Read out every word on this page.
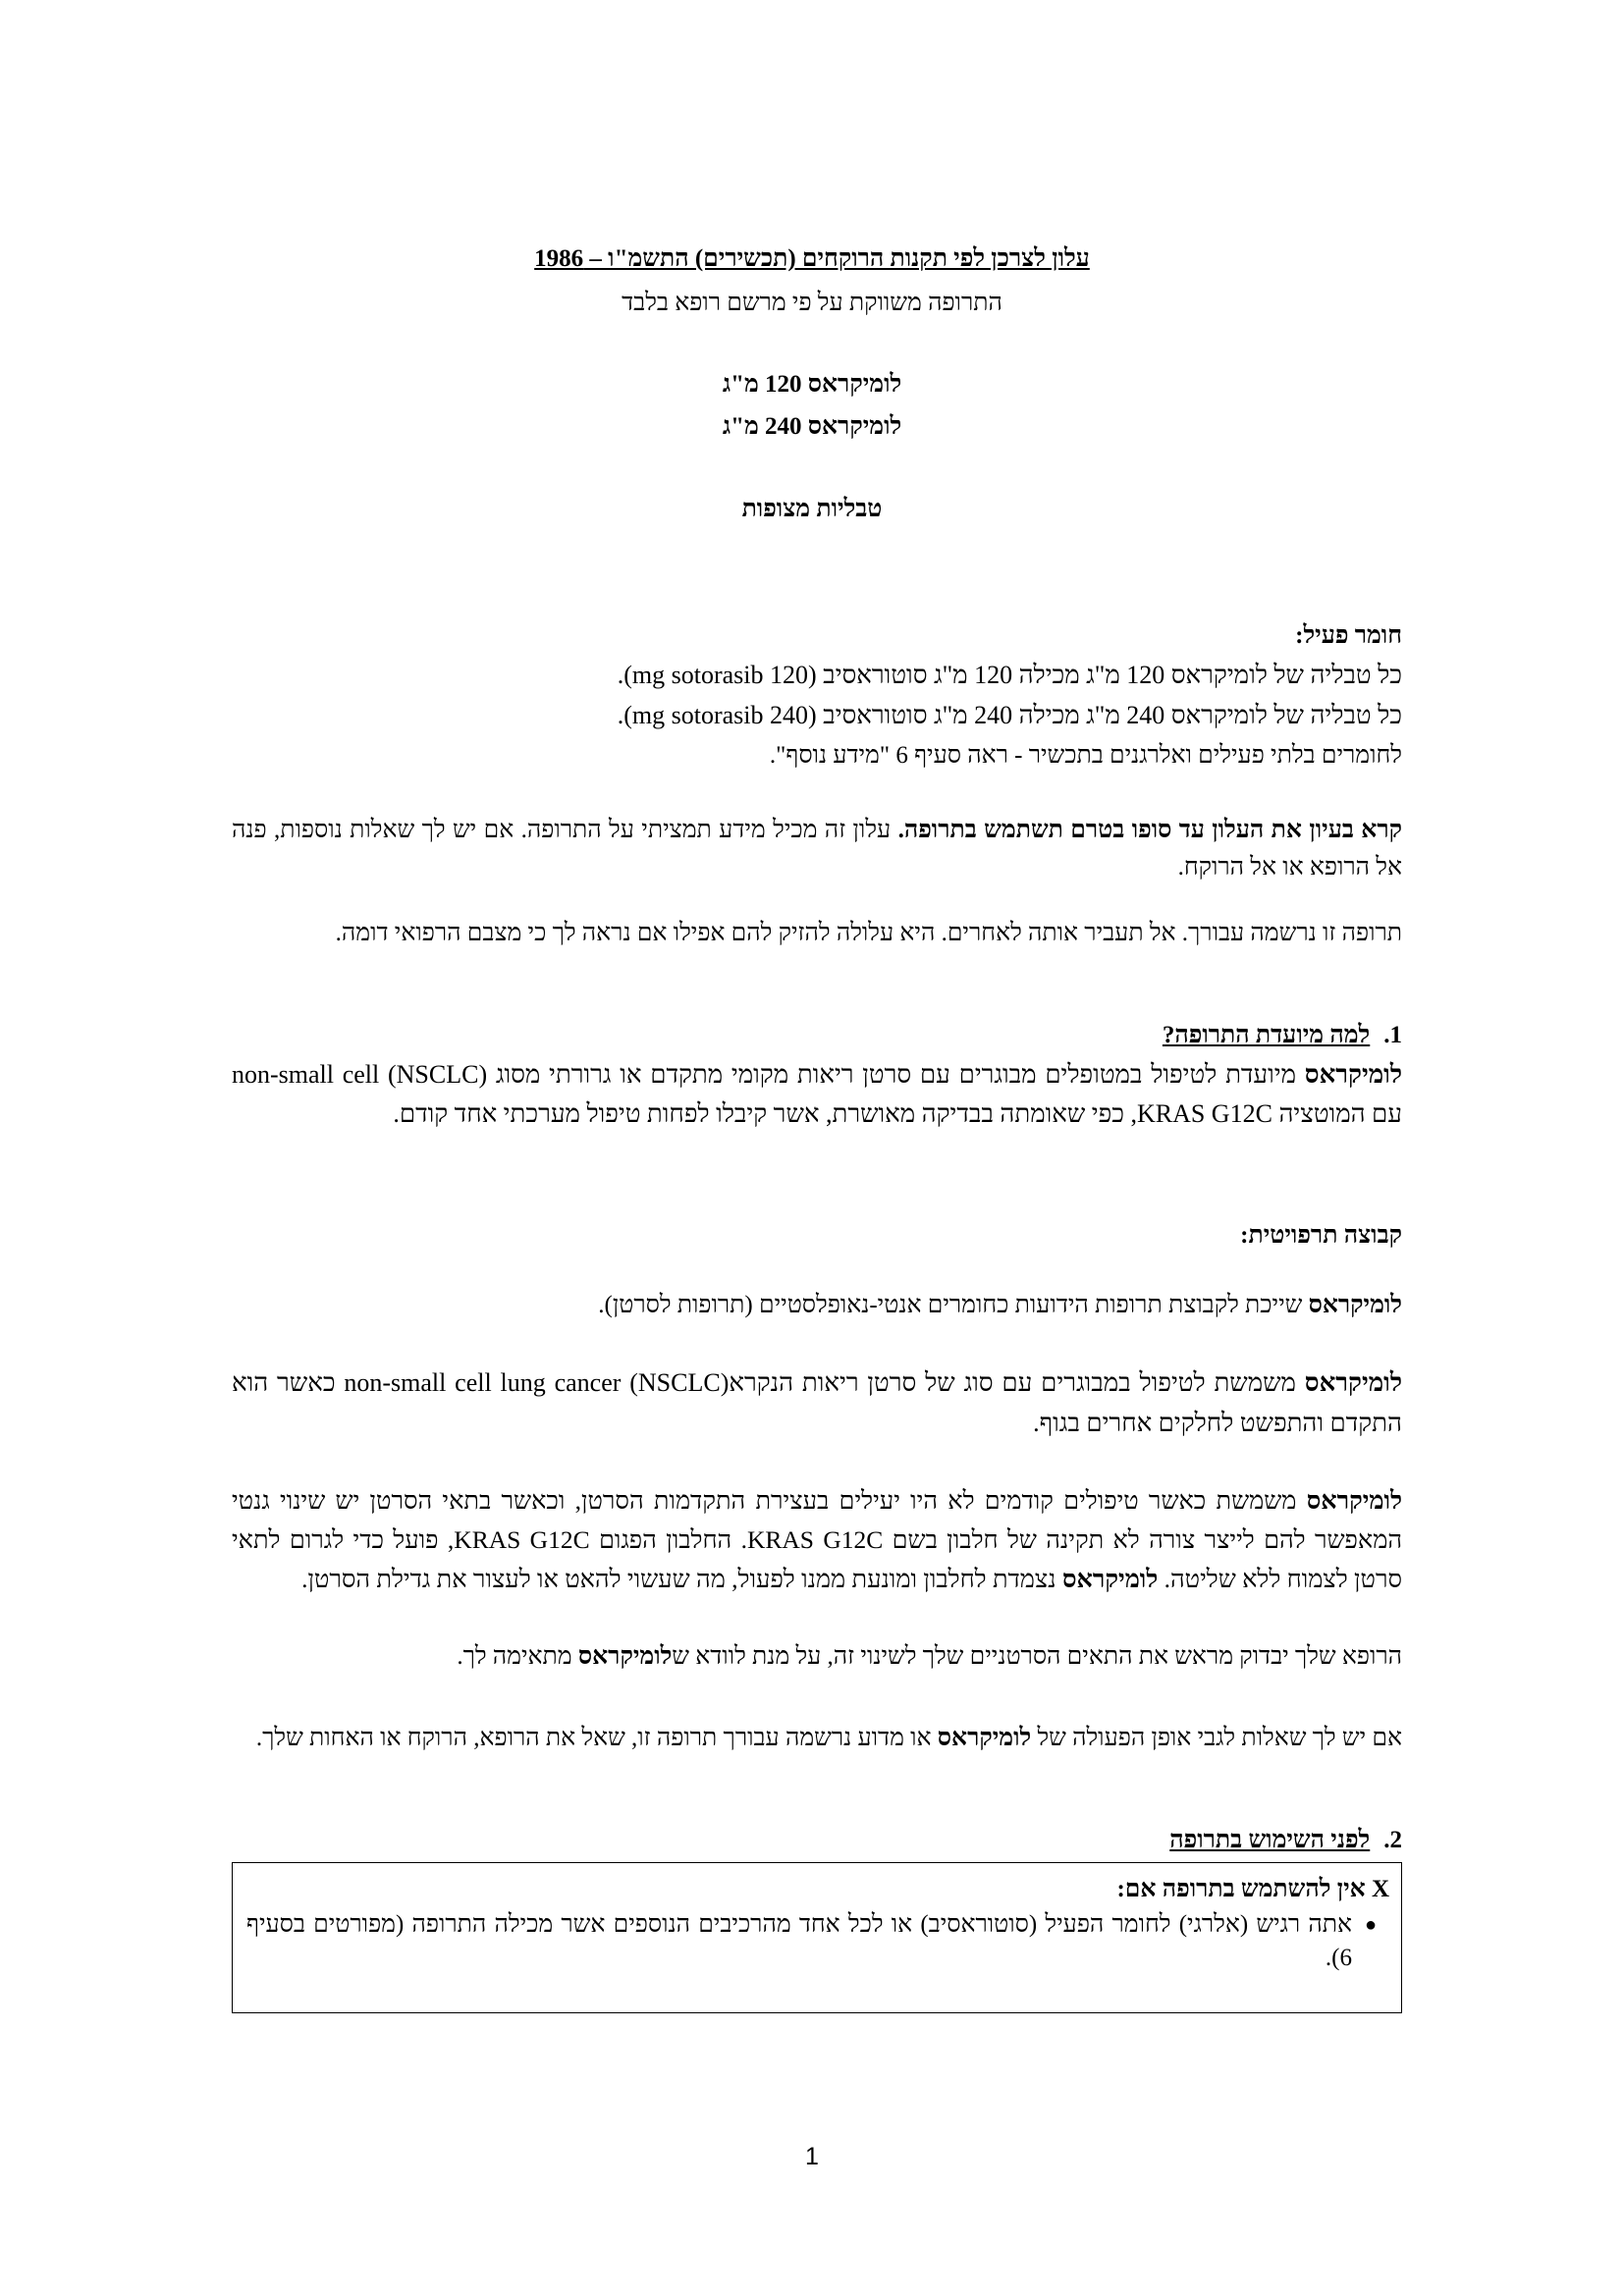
עלון לצרכן לפי תקנות הרוקחים (תכשירים) התשמ"ו – 1986
התרופה משווקת על פי מרשם רופא בלבד
לומיקראס 120 מ"ג
לומיקראס 240 מ"ג
טבליות מצופות
חומר פעיל:
כל טבליה של לומיקראס 120 מ"ג מכילה 120 מ"ג סוטוראסיב (120 mg sotorasib).
כל טבליה של לומיקראס 240 מ"ג מכילה 240 מ"ג סוטוראסיב (240 mg sotorasib).
לחומרים בלתי פעילים ואלרגנים בתכשיר - ראה סעיף 6 "מידע נוסף".
קרא בעיון את העלון עד סופו בטרם תשתמש בתרופה. עלון זה מכיל מידע תמציתי על התרופה. אם יש לך שאלות נוספות, פנה אל הרופא או אל הרוקח.
תרופה זו נרשמה עבורך. אל תעביר אותה לאחרים. היא עלולה להזיק להם אפילו אם נראה לך כי מצבם הרפואי דומה.
1.למה מיועדת התרופה?
לומיקראס מיועדת לטיפול במטופלים מבוגרים עם סרטן ריאות מקומי מתקדם או גרורתי מסוג non-small cell (NSCLC) עם המוטציה KRAS G12C, כפי שאומתה בבדיקה מאושרת, אשר קיבלו לפחות טיפול מערכתי אחד קודם.
קבוצה תרפויטית:
לומיקראס שייכת לקבוצת תרופות הידועות כחומרים אנטי-נאופלסטיים (תרופות לסרטן).
לומיקראס משמשת לטיפול במבוגרים עם סוג של סרטן ריאות הנקראnon-small cell lung cancer (NSCLC) כאשר הוא התקדם והתפשט לחלקים אחרים בגוף.
לומיקראס משמשת כאשר טיפולים קודמים לא היו יעילים בעצירת התקדמות הסרטן, וכאשר בתאי הסרטן יש שינוי גנטי המאפשר להם לייצר צורה לא תקינה של חלבון בשם KRAS G12C. החלבון הפגום KRAS G12C, פועל כדי לגרום לתאי סרטן לצמוח ללא שליטה. לומיקראס נצמדת לחלבון ומונעת ממנו לפעול, מה שעשוי להאט או לעצור את גדילת הסרטן.
הרופא שלך יבדוק מראש את התאים הסרטניים שלך לשינוי זה, על מנת לוודא שלומיקראס מתאימה לך.
אם יש לך שאלות לגבי אופן הפעולה של לומיקראס או מדוע נרשמה עבורך תרופה זו, שאל את הרופא, הרוקח או האחות שלך.
2.לפני השימוש בתרופה
X אין להשתמש בתרופה אם:
●
אתה רגיש (אלרגי) לחומר הפעיל (סוטוראסיב) או לכל אחד מהרכיבים הנוספים אשר מכילה התרופה (מפורטים בסעיף 6).
1
